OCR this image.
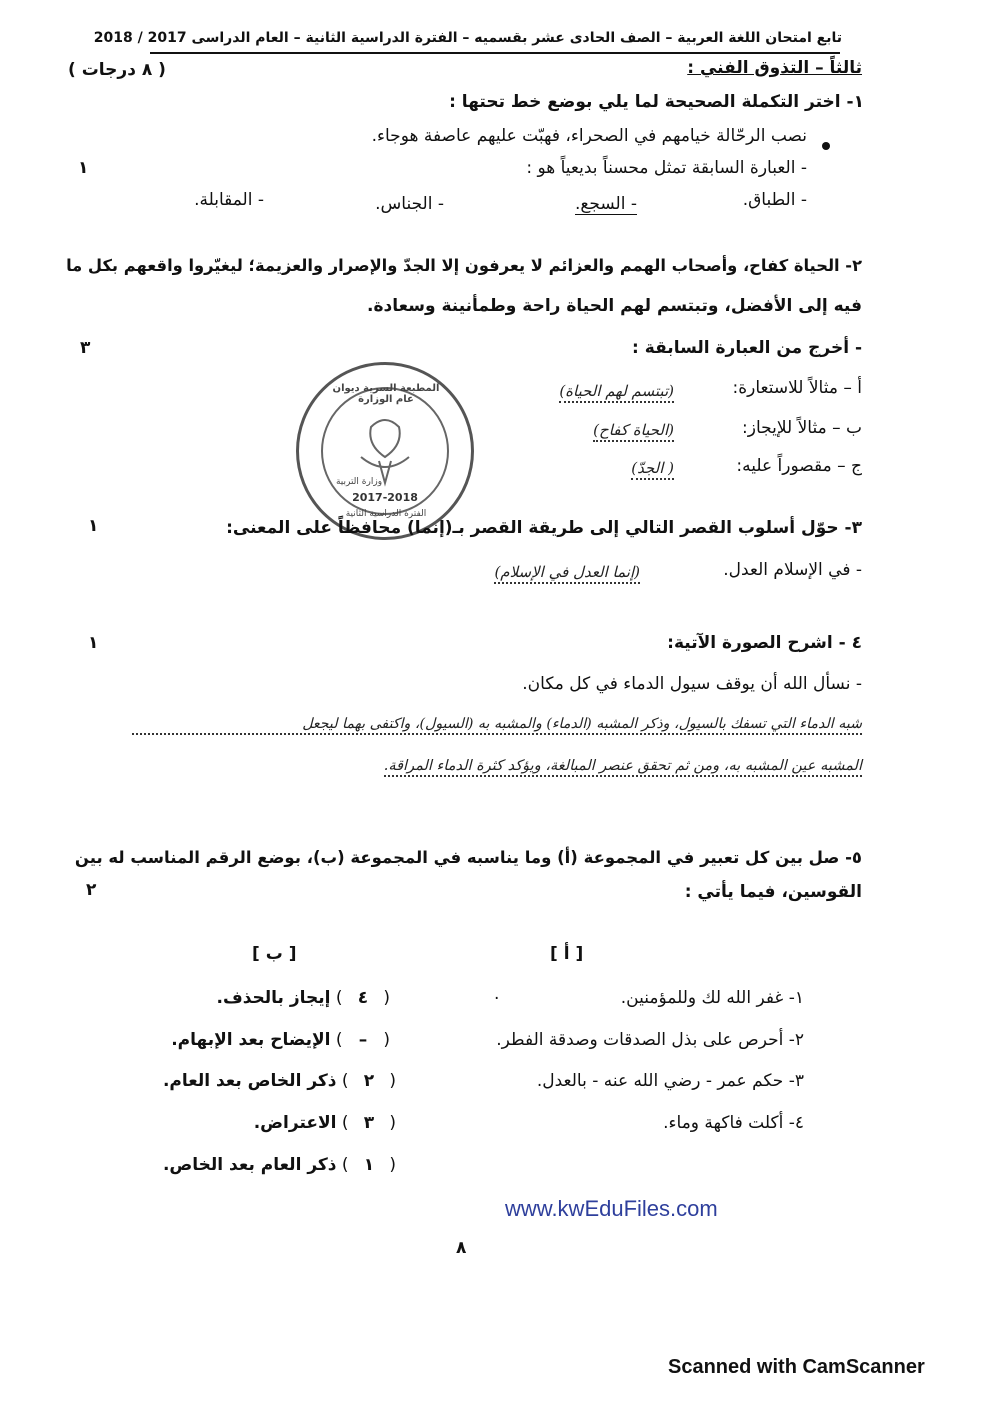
تابع امتحان اللغة العربية – الصف الحادى عشر بقسميه – الفترة الدراسية الثانية – العام الدراسى 2017 / 2018
ثالثاً – التذوق الفني :
( ٨ درجات )
١- اختر التكملة الصحيحة لما يلي بوضع خط تحتها :
نصب الرحّالة خيامهم في الصحراء، فهبّت عليهم عاصفة هوجاء.
- العبارة السابقة تمثل محسناً بديعياً هو :
١
- الطباق.
- السجع.
- الجناس.
- المقابلة.
٢- الحياة كفاح، وأصحاب الهمم والعزائم لا يعرفون إلا الجدّ والإصرار والعزيمة؛ ليغيّروا واقعهم بكل ما
فيه إلى الأفضل، وتبتسم لهم الحياة راحة وطمأنينة وسعادة.
- أخرج من العبارة السابقة :
٣
أ – مثالاً للاستعارة:
(تبتسم لهم الحياة)
ب – مثالاً للإيجاز:
(الحياة كفاح)
ج – مقصوراً عليه:
( الجدّ)
المطبعة السرية ديوان عام الوزارة
وزارة التربية
2017-2018
الفترة الدراسية الثانية
٣- حوّل أسلوب القصر التالي إلى طريقة القصر بـ(إنما) محافظاً على المعنى:
١
- في الإسلام العدل.
(إنما العدل في الإسلام)
٤ - اشرح الصورة الآتية:
١
- نسأل الله أن يوقف سيول الدماء في كل مكان.
شبه الدماء التي تسفك بالسيول، وذكر المشبه (الدماء) والمشبه به (السيول)، واكتفى بهما ليجعل
المشبه عين المشبه به، ومن ثم تحقق عنصر المبالغة، ويؤكد كثرة الدماء المراقة.
٥- صل بين كل تعبير في المجموعة (أ) وما يناسبه في المجموعة (ب)، بوضع الرقم المناسب له بين
القوسين، فيما يأتي :
٢
[ أ ]
[ ب ]
١- غفر الله لك وللمؤمنين.
.
٢- أحرص على بذل الصدقات وصدقة الفطر.
٣- حكم عمر - رضي الله عنه - بالعدل.
٤- أكلت فاكهة وماء.
( ٤ ) إيجاز بالحذف.
( – ) الإيضاح بعد الإبهام.
( ٢ ) ذكر الخاص بعد العام.
( ٣ ) الاعتراض.
( ١ ) ذكر العام بعد الخاص.
www.kwEduFiles.com
٨
Scanned with CamScanner
